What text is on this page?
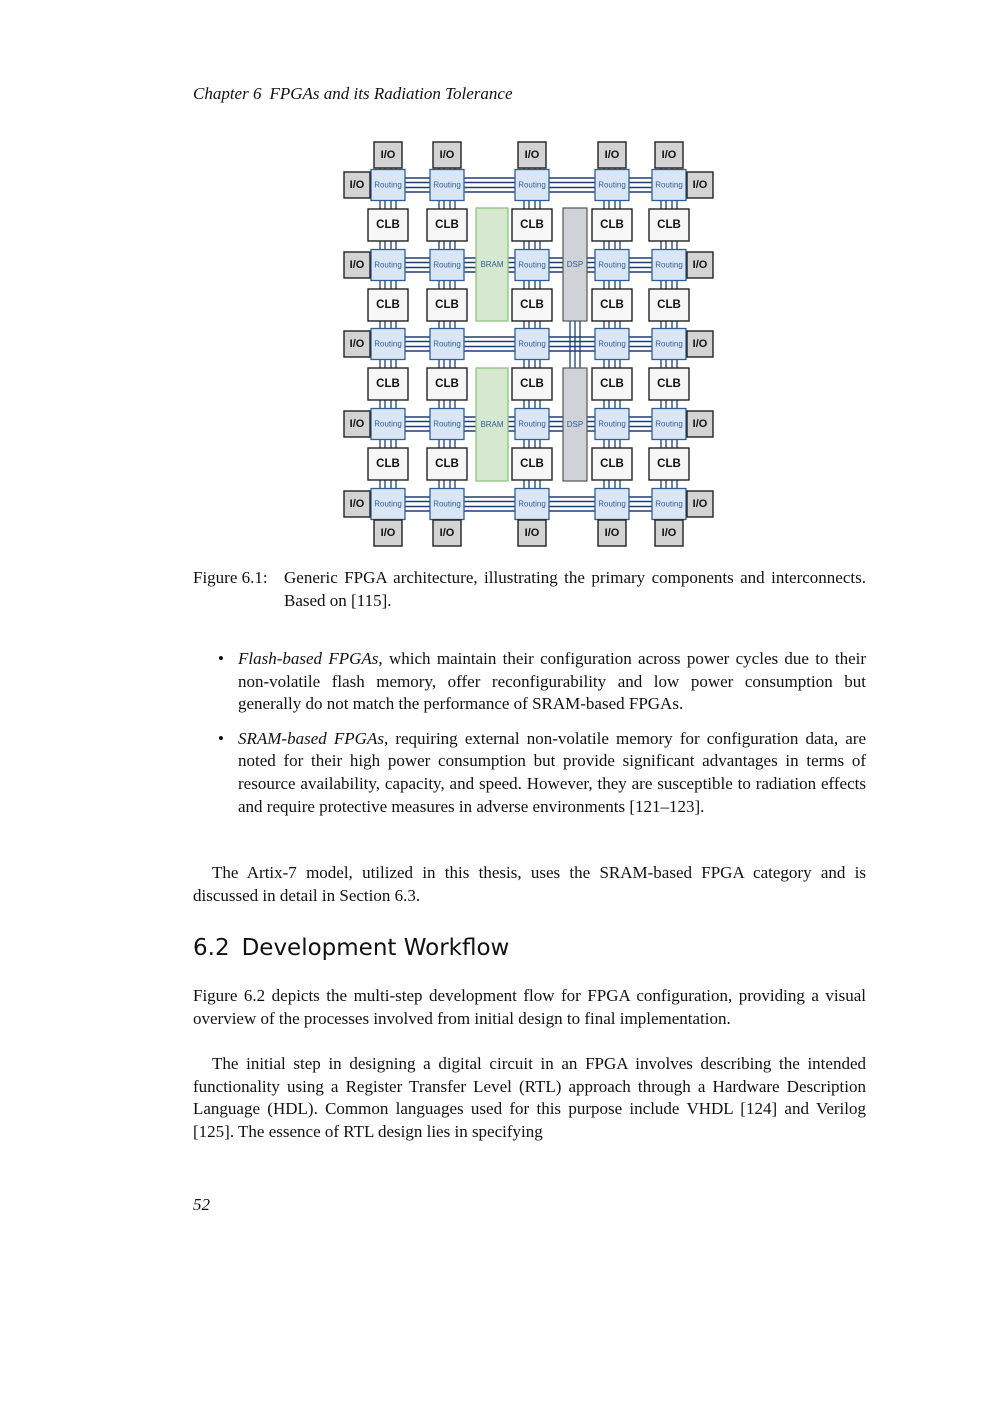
Chapter 6 FPGAs and its Radiation Tolerance
BRAM
BRAM
DSP
DSP
Routing	Routing	Routing	Routing	Routing
Routing	Routing	Routing	Routing	Routing
Routing	Routing	Routing	Routing	Routing
Routing	Routing	Routing	Routing	Routing
Routing	Routing	Routing	Routing	Routing
CLB	CLB	CLB	CLB	CLB
CLB	CLB	CLB	CLB	CLB
CLB	CLB	CLB	CLB	CLB
CLB	CLB	CLB	CLB	CLB
I/O
I/O
I/O
I/O
I/O
I/O
I/O
I/O
I/O
I/O
I/O	I/O
I/O	I/O
I/O	I/O
I/O	I/O
I/O	I/O
Figure 6.1: Generic FPGA architecture, illustrating the primary components and interconnects. Based on [115].
• Flash-based FPGAs, which maintain their configuration across power cycles due to their non-volatile flash memory, offer reconfigurability and low power consumption but generally do not match the performance of SRAM-based FPGAs.
• SRAM-based FPGAs, requiring external non-volatile memory for configuration data, are noted for their high power consumption but provide significant advantages in terms of resource availability, capacity, and speed. However, they are susceptible to radiation effects and require protective measures in adverse environments [121–123].

The Artix-7 model, utilized in this thesis, uses the SRAM-based FPGA category and is discussed in detail in Section 6.3.

6.2 Development Workflow

Figure 6.2 depicts the multi-step development flow for FPGA configuration, providing a visual overview of the processes involved from initial design to final implementation.

The initial step in designing a digital circuit in an FPGA involves describing the intended functionality using a Register Transfer Level (RTL) approach through a Hardware Description Language (HDL). Common languages used for this purpose include VHDL [124] and Verilog [125]. The essence of RTL design lies in specifying

52
